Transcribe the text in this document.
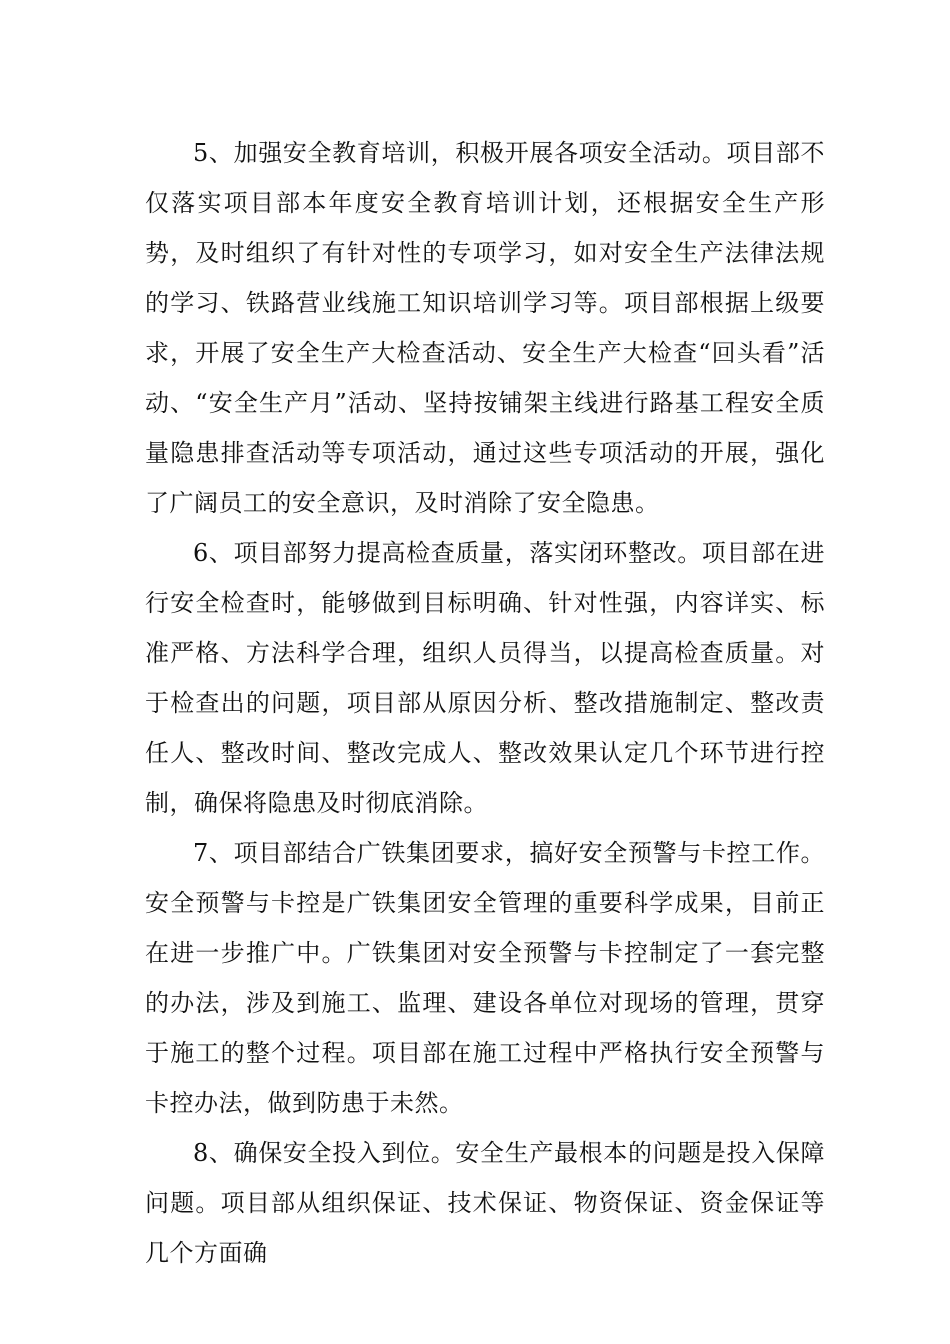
5、加强安全教育培训，积极开展各项安全活动。项目部不仅落实项目部本年度安全教育培训计划，还根据安全生产形势，及时组织了有针对性的专项学习，如对安全生产法律法规的学习、铁路营业线施工知识培训学习等。项目部根据上级要求，开展了安全生产大检查活动、安全生产大检查“回头看”活动、“安全生产月”活动、坚持按铺架主线进行路基工程安全质量隐患排查活动等专项活动，通过这些专项活动的开展，强化了广阔员工的安全意识，及时消除了安全隐患。

6、项目部努力提高检查质量，落实闭环整改。项目部在进行安全检查时，能够做到目标明确、针对性强，内容详实、标准严格、方法科学合理，组织人员得当，以提高检查质量。对于检查出的问题，项目部从原因分析、整改措施制定、整改责任人、整改时间、整改完成人、整改效果认定几个环节进行控制，确保将隐患及时彻底消除。

7、项目部结合广铁集团要求，搞好安全预警与卡控工作。安全预警与卡控是广铁集团安全管理的重要科学成果，目前正在进一步推广中。广铁集团对安全预警与卡控制定了一套完整的办法，涉及到施工、监理、建设各单位对现场的管理，贯穿于施工的整个过程。项目部在施工过程中严格执行安全预警与卡控办法，做到防患于未然。

8、确保安全投入到位。安全生产最根本的问题是投入保障问题。项目部从组织保证、技术保证、物资保证、资金保证等几个方面确
